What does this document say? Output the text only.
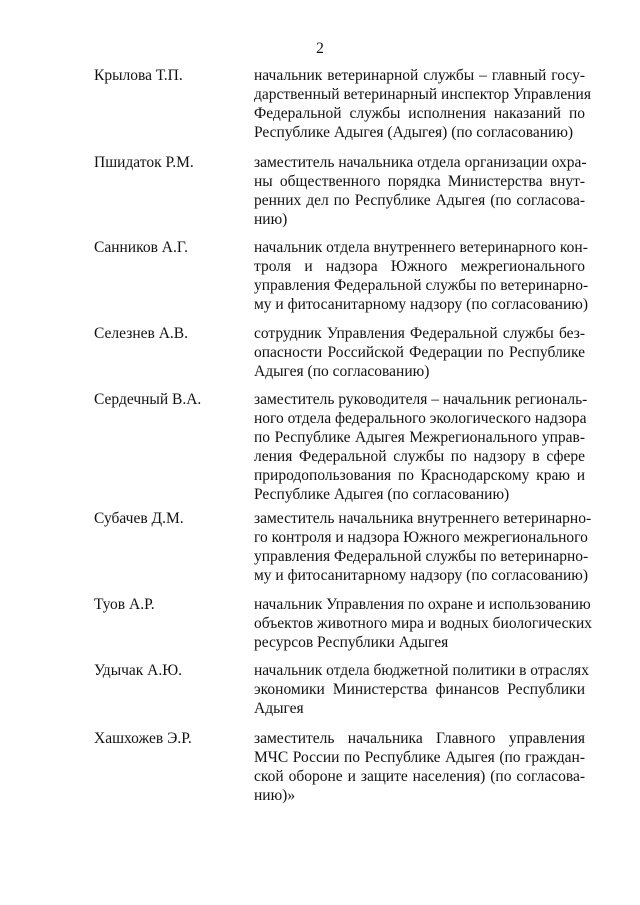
2
Крылова Т.П.	начальник ветеринарной службы – главный госу-
дарственный ветеринарный инспектор Управления
Федеральной службы исполнения наказаний по
Республике Адыгея (Адыгея) (по согласованию)
Пшидаток Р.М.	заместитель начальника отдела организации охра-
ны общественного порядка Министерства внут-
ренних дел по Республике Адыгея (по согласова-
нию)
Санников А.Г.	начальник отдела внутреннего ветеринарного кон-
троля и надзора Южного межрегионального
управления Федеральной службы по ветеринарно-
му и фитосанитарному надзору (по согласованию)
Селезнев А.В.	сотрудник Управления Федеральной службы без-
опасности Российской Федерации по Республике
Адыгея (по согласованию)
Сердечный В.А.	заместитель руководителя – начальник региональ-
ного отдела федерального экологического надзора
по Республике Адыгея Межрегионального управ-
ления Федеральной службы по надзору в сфере
природопользования по Краснодарскому краю и
Республике Адыгея (по согласованию)
Субачев Д.М.	заместитель начальника внутреннего ветеринарно-
го контроля и надзора Южного межрегионального
управления Федеральной службы по ветеринарно-
му и фитосанитарному надзору (по согласованию)
Туов А.Р.	начальник Управления по охране и использованию
объектов животного мира и водных биологических
ресурсов Республики Адыгея
Удычак А.Ю.	начальник отдела бюджетной политики в отраслях
экономики Министерства финансов Республики
Адыгея
Хашхожев Э.Р.	заместитель начальника Главного управления
МЧС России по Республике Адыгея (по граждан-
ской обороне и защите населения) (по согласова-
нию)»
